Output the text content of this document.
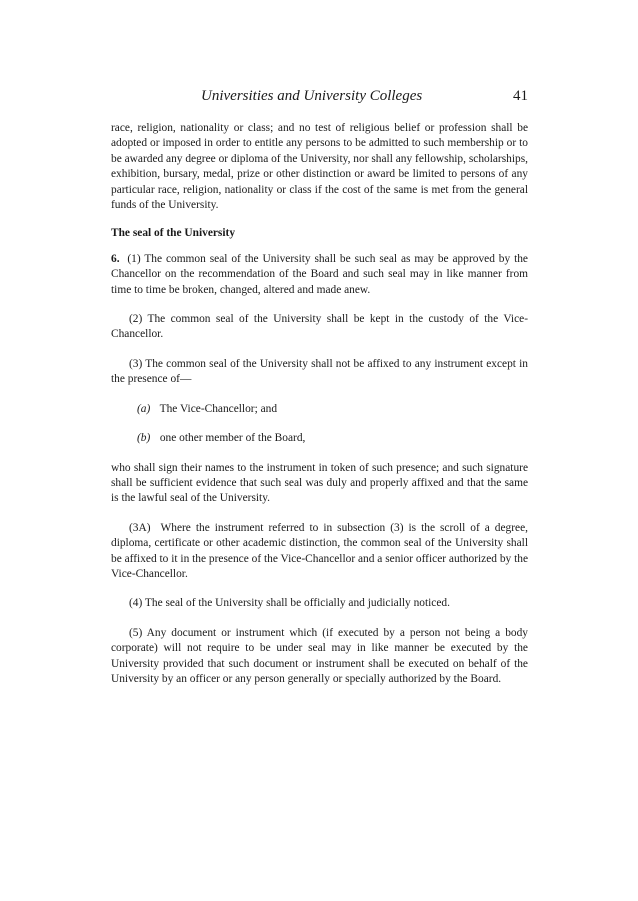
Universities and University Colleges	41

race, religion, nationality or class; and no test of religious belief or profession shall be adopted or imposed in order to entitle any persons to be admitted to such membership or to be awarded any degree or diploma of the University, nor shall any fellowship, scholarships, exhibition, bursary, medal, prize or other distinction or award be limited to persons of any particular race, religion, nationality or class if the cost of the same is met from the general funds of the University.

The seal of the University

6. (1) The common seal of the University shall be such seal as may be approved by the Chancellor on the recommendation of the Board and such seal may in like manner from time to time be broken, changed, altered and made anew.

(2) The common seal of the University shall be kept in the custody of the Vice-Chancellor.

(3) The common seal of the University shall not be affixed to any instrument except in the presence of—

(a) The Vice-Chancellor; and
(b) one other member of the Board,

who shall sign their names to the instrument in token of such presence; and such signature shall be sufficient evidence that such seal was duly and properly affixed and that the same is the lawful seal of the University.

(3A) Where the instrument referred to in subsection (3) is the scroll of a degree, diploma, certificate or other academic distinction, the common seal of the University shall be affixed to it in the presence of the Vice-Chancellor and a senior officer authorized by the Vice-Chancellor.

(4) The seal of the University shall be officially and judicially noticed.

(5) Any document or instrument which (if executed by a person not being a body corporate) will not require to be under seal may in like manner be executed by the University provided that such document or instrument shall be executed on behalf of the University by an officer or any person generally or specially authorized by the Board.
